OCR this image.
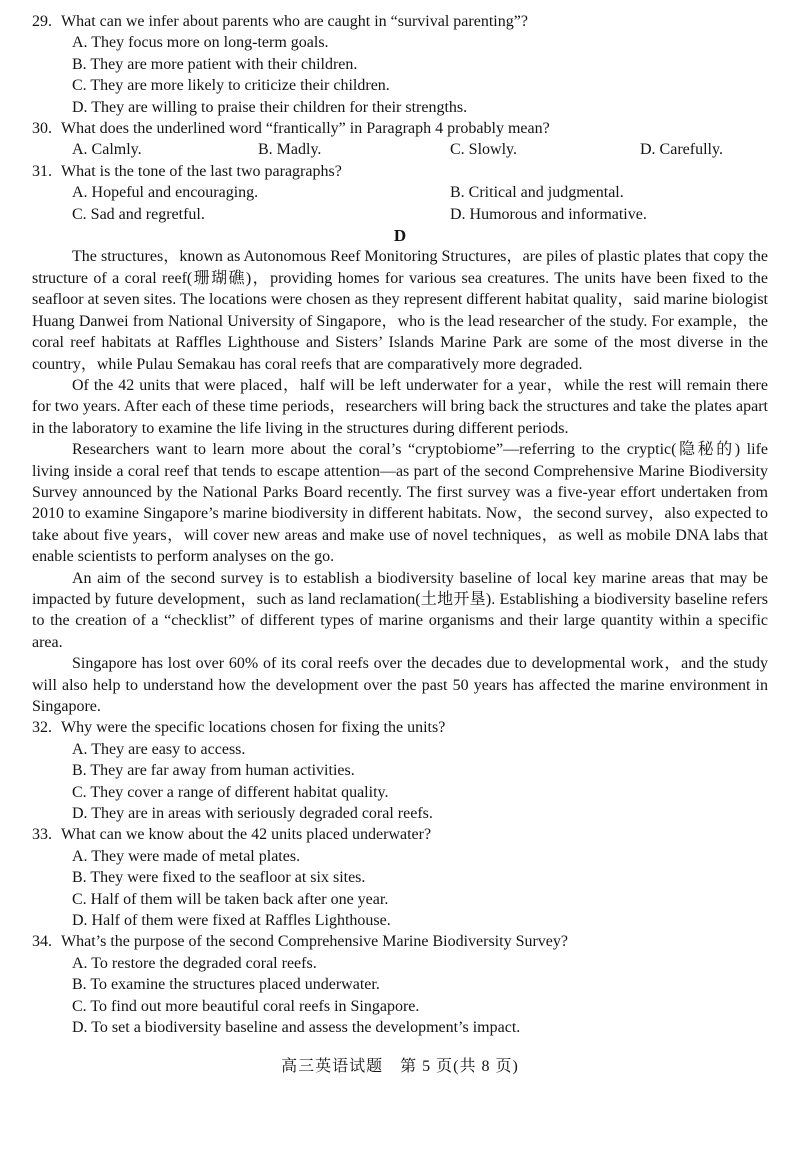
29. What can we infer about parents who are caught in “survival parenting”?
A. They focus more on long-term goals.
B. They are more patient with their children.
C. They are more likely to criticize their children.
D. They are willing to praise their children for their strengths.
30. What does the underlined word “frantically” in Paragraph 4 probably mean?
A. Calmly.	B. Madly.	C. Slowly.	D. Carefully.
31. What is the tone of the last two paragraphs?
A. Hopeful and encouraging.	B. Critical and judgmental.
C. Sad and regretful.	D. Humorous and informative.
D

The structures，known as Autonomous Reef Monitoring Structures，are piles of plastic plates that copy the structure of a coral reef(珊瑚礁)，providing homes for various sea creatures. The units have been fixed to the seafloor at seven sites. The locations were chosen as they represent different habitat quality，said marine biologist Huang Danwei from National University of Singapore，who is the lead researcher of the study. For example，the coral reef habitats at Raffles Lighthouse and Sisters’ Islands Marine Park are some of the most diverse in the country，while Pulau Semakau has coral reefs that are comparatively more degraded.

Of the 42 units that were placed，half will be left underwater for a year，while the rest will remain there for two years. After each of these time periods，researchers will bring back the structures and take the plates apart in the laboratory to examine the life living in the structures during different periods.

Researchers want to learn more about the coral’s “cryptobiome”—referring to the cryptic(隐秘的) life living inside a coral reef that tends to escape attention—as part of the second Comprehensive Marine Biodiversity Survey announced by the National Parks Board recently. The first survey was a five-year effort undertaken from 2010 to examine Singapore’s marine biodiversity in different habitats. Now，the second survey，also expected to take about five years，will cover new areas and make use of novel techniques，as well as mobile DNA labs that enable scientists to perform analyses on the go.

An aim of the second survey is to establish a biodiversity baseline of local key marine areas that may be impacted by future development，such as land reclamation(土地开垦). Establishing a biodiversity baseline refers to the creation of a “checklist” of different types of marine organisms and their large quantity within a specific area.

Singapore has lost over 60% of its coral reefs over the decades due to developmental work，and the study will also help to understand how the development over the past 50 years has affected the marine environment in Singapore.

32. Why were the specific locations chosen for fixing the units?
A. They are easy to access.
B. They are far away from human activities.
C. They cover a range of different habitat quality.
D. They are in areas with seriously degraded coral reefs.
33. What can we know about the 42 units placed underwater?
A. They were made of metal plates.
B. They were fixed to the seafloor at six sites.
C. Half of them will be taken back after one year.
D. Half of them were fixed at Raffles Lighthouse.
34. What’s the purpose of the second Comprehensive Marine Biodiversity Survey?
A. To restore the degraded coral reefs.
B. To examine the structures placed underwater.
C. To find out more beautiful coral reefs in Singapore.
D. To set a biodiversity baseline and assess the development’s impact.
高三英语试题　第 5 页(共 8 页)
